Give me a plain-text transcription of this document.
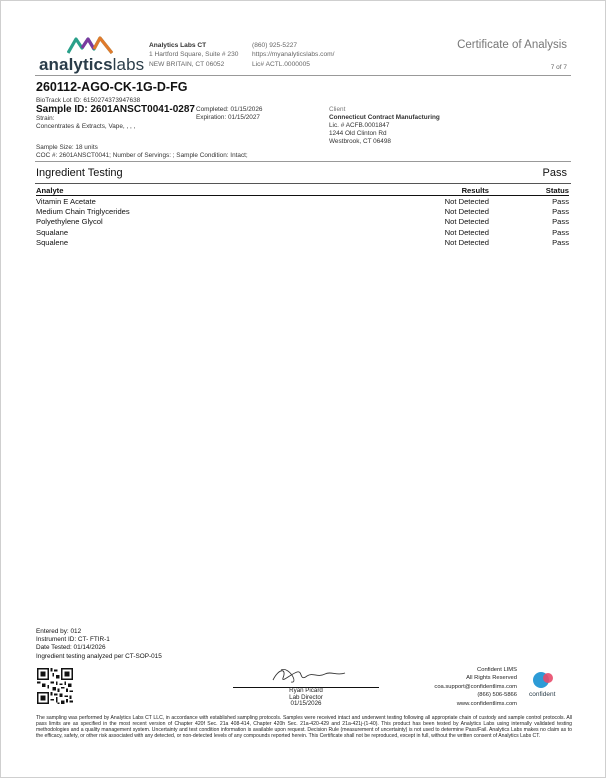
analyticslabs
Analytics Labs CT
1 Hartford Square, Suite # 230
NEW BRITAIN, CT 06052
(860) 925-5227
https://myanalyticslabs.com/
Lic# ACTL.0000005
Certificate of Analysis
7 of 7
260112-AGO-CK-1G-D-FG
BioTrack Lot ID: 6150274373947638
Sample ID: 2601ANSCT0041-0287
Strain:
Concentrates & Extracts, Vape, , , ,
Completed: 01/15/2026
Expiration: 01/15/2027
Client
Connecticut Contract Manufacturing
Lic. # ACFB.0001847
1244 Old Clinton Rd
Westbrook, CT 06498
Sample Size: 18 units
COC #: 2601ANSCT0041; Number of Servings: ; Sample Condition: Intact;
Ingredient Testing	Pass
Analyte	Results	Status
Vitamin E Acetate	Not Detected	Pass
Medium Chain Triglycerides	Not Detected	Pass
Polyethylene Glycol	Not Detected	Pass
Squalane	Not Detected	Pass
Squalene	Not Detected	Pass
Entered by: 012
Instrument ID: CT- FTIR-1
Date Tested: 01/14/2026
Ingredient testing analyzed per CT-SOP-015
Ryan Picard
Lab Director
01/15/2026
Confident LIMS
All Rights Reserved
coa.support@confidentlims.com
(866) 506-5866
www.confidentlims.com
confident
The sampling was performed by Analytics Labs CT LLC, in accordance with established sampling protocols. Samples were received intact and underwent testing following all appropriate chain of custody and sample control protocols. All pass limits are as specified in the most recent version of Chapter 420f Sec. 21a 408-414, Chapter 420h Sec. 21a-420-429 and 21a-421j-(1-40). This product has been tested by Analytics Labs using internally validated testing methodologies and a quality management system. Uncertainty and test condition information is available upon request. Decision Rule (measurement of uncertainty) is not used to determine Pass/Fail. Analytics Labs makes no claim as to the efficacy, safety, or other risk associated with any detected, or non-detected levels of any compounds reported herein. This Certificate shall not be reproduced, except in full, without the written consent of Analytics Labs CT.
